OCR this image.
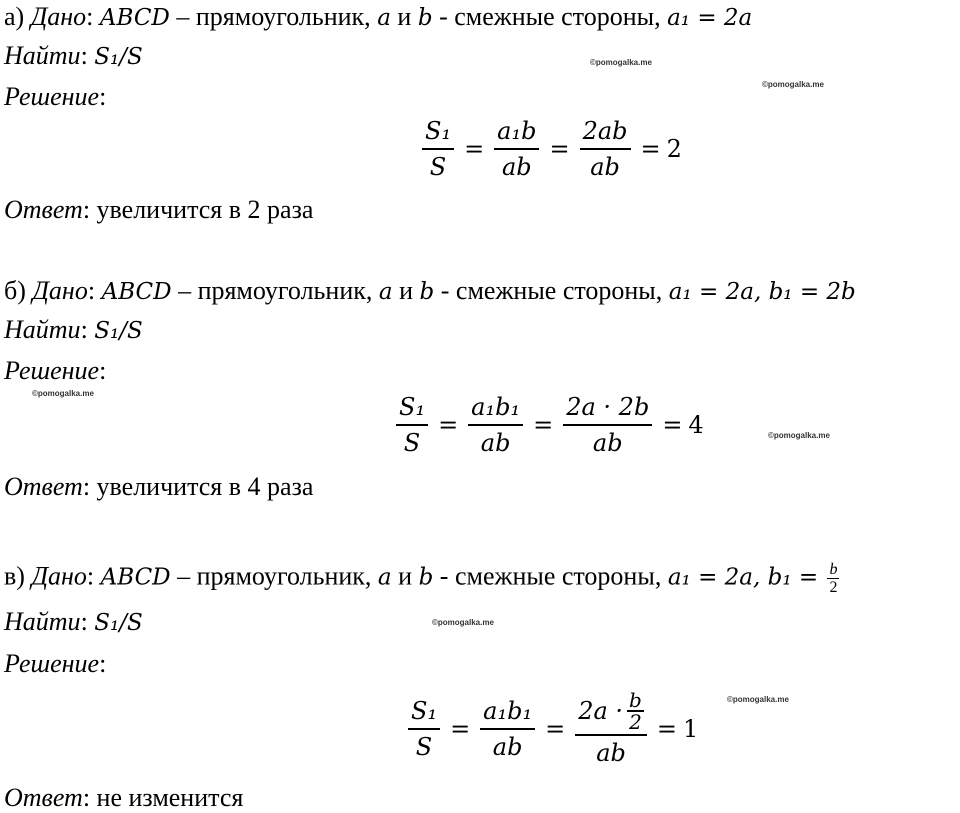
а) Дано: ABCD – прямоугольник, a и b - смежные стороны, a₁ = 2a
Найти: S₁/S	©pomogalka.me
©pomogalka.me
Решение:
$\frac{\text{S₁}}{S} = \frac{\text{a₁b}}{ab} = \frac{2ab}{ab} = 2$
Ответ: увеличится в 2 раза
б) Дано: ABCD – прямоугольник, a и b - смежные стороны, a₁ = 2a, b₁ = 2b
Найти: S₁/S
Решение:
©pomogalka.me	$\frac{\text{S₁}}{S} = \frac{\text{a₁b₁}}{ab} = \frac{2a \cdot 2b}{ab} = 4$	©pomogalka.me
Ответ: увеличится в 4 раза
в) Дано: ABCD – прямоугольник, a и b - смежные стороны, a₁ = 2a, $b_1 = \frac{b}{2}$
Найти: S₁/S	©pomogalka.me
Решение:
©pomogalka.me
$\frac{\text{S₁}}{S} = \frac{\text{a₁b₁}}{ab} = \frac{2a \cdot \frac{b}{2}}{ab} = 1$
Ответ: не изменится
